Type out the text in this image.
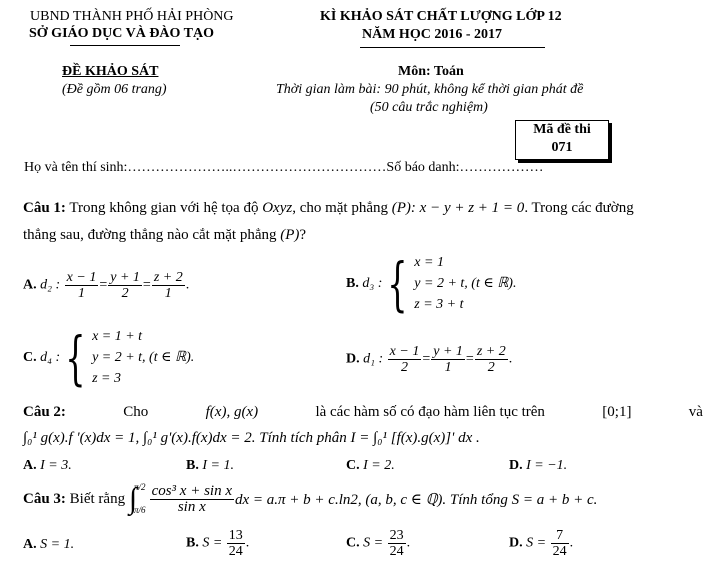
UBND THÀNH PHỐ HẢI PHÒNG
SỞ GIÁO DỤC VÀ ĐÀO TẠO
KÌ KHẢO SÁT CHẤT LƯỢNG LỚP 12
NĂM HỌC 2016 - 2017
ĐỀ KHẢO SÁT
(Đề gồm 06 trang)
Môn: Toán
Thời gian làm bài: 90 phút, không kể thời gian phát đề
(50 câu trắc nghiệm)
Mã đề thi
071
Họ và tên thí sinh:…………………..……………………………Số báo danh:………………
Câu 1: Trong không gian với hệ tọa độ Oxyz, cho mặt phẳng (P): x − y + z + 1 = 0. Trong các đường
thẳng sau, đường thẳng nào cắt mặt phẳng (P)?
A. d₂ : $\frac{x - 1}{1} = \frac{y + 1}{2} = \frac{z + 2}{1}$ .	B.
d₃ : { x = 1
y = 2 + t, (t ∈ ℝ).
z = 3 + t
C.
d₄ : { x = 1 + t
y = 2 + t, (t ∈ ℝ).
z = 3
D. d₁ : $\frac{x - 1}{2} = \frac{y + 1}{1} = \frac{z + 2}{2}$ .
Câu 2:	Cho	f(x), g(x)	là các hàm số có đạo hàm liên tục trên	[0;1]	và
∫₀¹ g(x).f '(x)dx = 1, ∫₀¹ g'(x).f(x)dx = 2. Tính tích phân I = ∫₀¹ [f(x).g(x)]' dx .
A. I = 3.	B. I = 1.	C. I = 2.	D. I = −1.
Câu 3:
Biết rằng
∫
π/2
$\pi/6 \frac{\text{cos³ x + sin x}}{\text{sin x}}$ dx = a.π + b + c.ln2, (a, b, c ∈ ℚ). Tính tổng S = a + b + c.
A. S = 1.	B. $S = \frac{13}{24}$ .	C. $S = \frac{23}{24}$ .	D. $S = \frac{7}{24}$ .
